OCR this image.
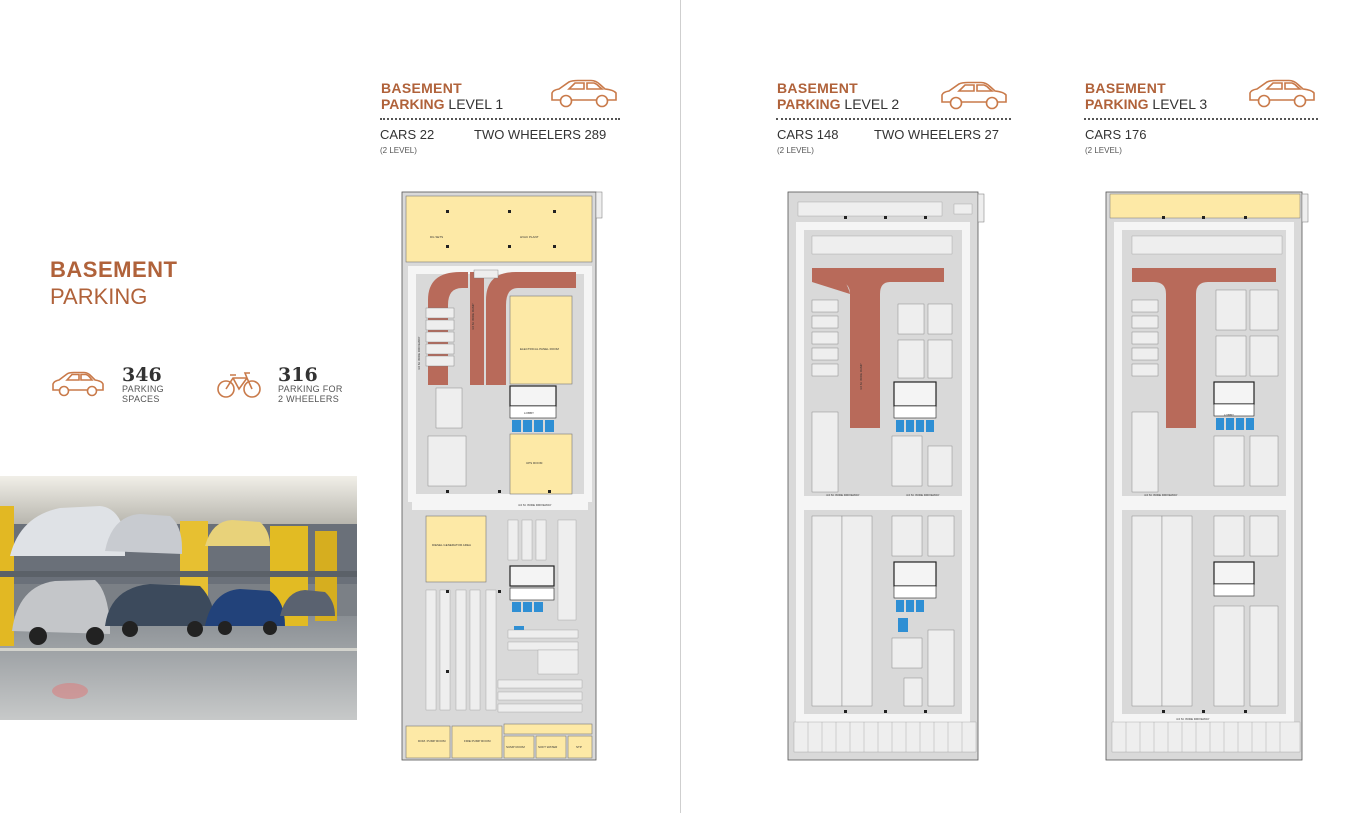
BASEMENT
PARKING
346
PARKING
SPACES
316
PARKING FOR
2 WHEELERS
BASEMENT
PARKING LEVEL 1
CARS 22	TWO WHEELERS 289
(2 LEVEL)
BASEMENT
PARKING LEVEL 2
CARS 148	TWO WHEELERS 27
(2 LEVEL)
BASEMENT
PARKING LEVEL 3
CARS 176
(2 LEVEL)
DG SETS	HVAC PLANT
ELECTRICAL PANEL ROOM
4.0 M. WIDE RAMP
4.0 M. WIDE DRIVEWAY
LOBBY
UPS ROOM
4.0 M. WIDE DRIVEWAY
DIESEL GENERATOR AREA
DOM. PUMP ROOM	FIRE PUMP ROOM
SUMP ROOM	SOFT WATER	STP
4.0 M. WIDE DRIVEWAY	4.0 M. WIDE DRIVEWAY
4.0 M. WIDE RAMP
4.0 M. WIDE DRIVEWAY
4.0 M. WIDE DRIVEWAY
LOBBY
